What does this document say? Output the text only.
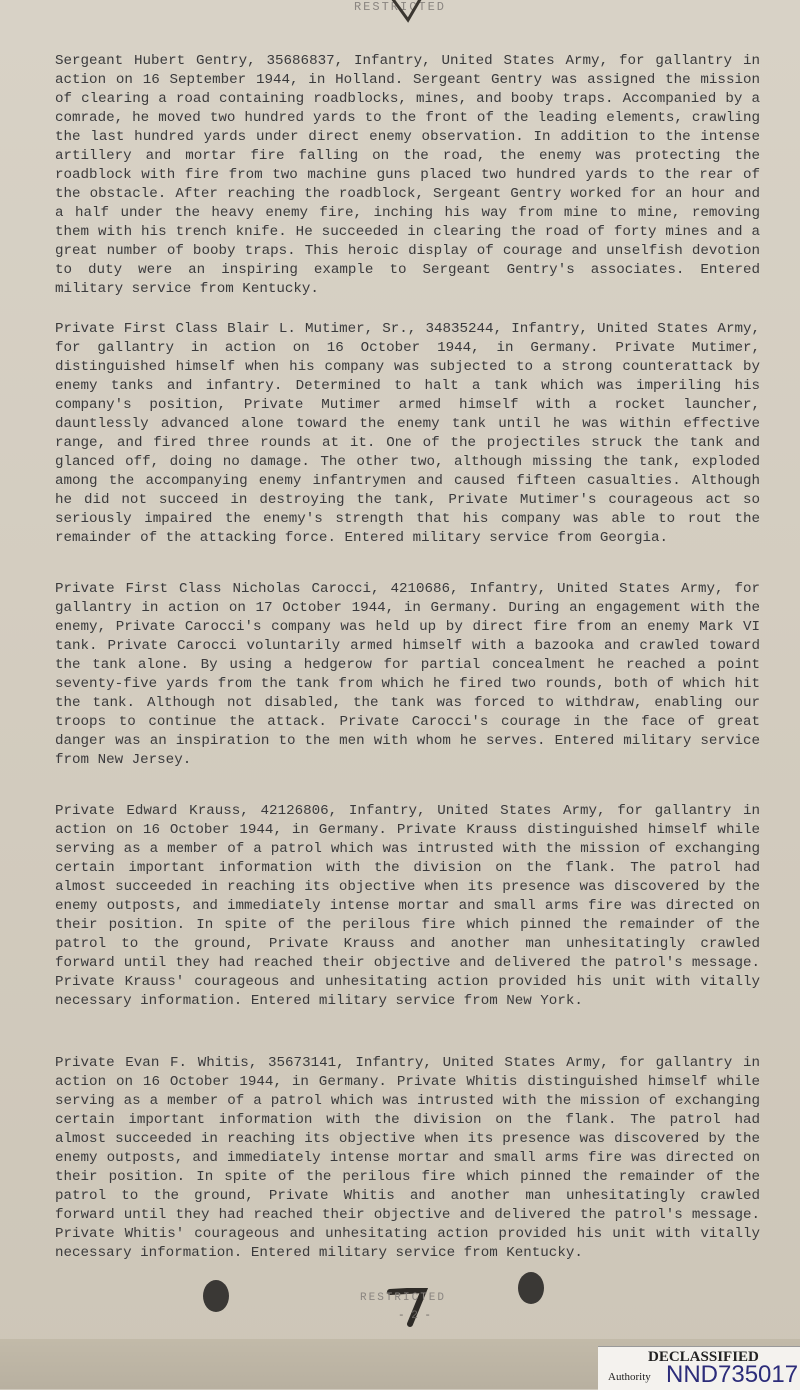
RESTRICTED

Sergeant Hubert Gentry, 35686837, Infantry, United States Army, for gallantry in action on 16 September 1944, in Holland. Sergeant Gentry was assigned the mission of clearing a road containing roadblocks, mines, and booby traps. Accompanied by a comrade, he moved two hundred yards to the front of the leading elements, crawling the last hundred yards under direct enemy observation. In addition to the intense artillery and mortar fire falling on the road, the enemy was protecting the roadblock with fire from two machine guns placed two hundred yards to the rear of the obstacle. After reaching the roadblock, Sergeant Gentry worked for an hour and a half under the heavy enemy fire, inching his way from mine to mine, removing them with his trench knife. He succeeded in clearing the road of forty mines and a great number of booby traps. This heroic display of courage and unselfish devotion to duty were an inspiring example to Sergeant Gentry's associates. Entered military service from Kentucky.

Private First Class Blair L. Mutimer, Sr., 34835244, Infantry, United States Army, for gallantry in action on 16 October 1944, in Germany. Private Mutimer, distinguished himself when his company was subjected to a strong counterattack by enemy tanks and infantry. Determined to halt a tank which was imperiling his company's position, Private Mutimer armed himself with a rocket launcher, dauntlessly advanced alone toward the enemy tank until he was within effective range, and fired three rounds at it. One of the projectiles struck the tank and glanced off, doing no damage. The other two, although missing the tank, exploded among the accompanying enemy infantrymen and caused fifteen casualties. Although he did not succeed in destroying the tank, Private Mutimer's courageous act so seriously impaired the enemy's strength that his company was able to rout the remainder of the attacking force. Entered military service from Georgia.

Private First Class Nicholas Carocci, 4210686, Infantry, United States Army, for gallantry in action on 17 October 1944, in Germany. During an engagement with the enemy, Private Carocci's company was held up by direct fire from an enemy Mark VI tank. Private Carocci voluntarily armed himself with a bazooka and crawled toward the tank alone. By using a hedgerow for partial concealment he reached a point seventy-five yards from the tank from which he fired two rounds, both of which hit the tank. Although not disabled, the tank was forced to withdraw, enabling our troops to continue the attack. Private Carocci's courage in the face of great danger was an inspiration to the men with whom he serves. Entered military service from New Jersey.

Private Edward Krauss, 42126806, Infantry, United States Army, for gallantry in action on 16 October 1944, in Germany. Private Krauss distinguished himself while serving as a member of a patrol which was intrusted with the mission of exchanging certain important information with the division on the flank. The patrol had almost succeeded in reaching its objective when its presence was discovered by the enemy outposts, and immediately intense mortar and small arms fire was directed on their position. In spite of the perilous fire which pinned the remainder of the patrol to the ground, Private Krauss and another man unhesitatingly crawled forward until they had reached their objective and delivered the patrol's message. Private Krauss' courageous and unhesitating action provided his unit with vitally necessary information. Entered military service from New York.

Private Evan F. Whitis, 35673141, Infantry, United States Army, for gallantry in action on 16 October 1944, in Germany. Private Whitis distinguished himself while serving as a member of a patrol which was intrusted with the mission of exchanging certain important information with the division on the flank. The patrol had almost succeeded in reaching its objective when its presence was discovered by the enemy outposts, and immediately intense mortar and small arms fire was directed on their position. In spite of the perilous fire which pinned the remainder of the patrol to the ground, Private Whitis and another man unhesitatingly crawled forward until they had reached their objective and delivered the patrol's message. Private Whitis' courageous and unhesitating action provided his unit with vitally necessary information. Entered military service from Kentucky.

RESTRICTED
- 2 -
DECLASSIFIED
Authority NND735017
